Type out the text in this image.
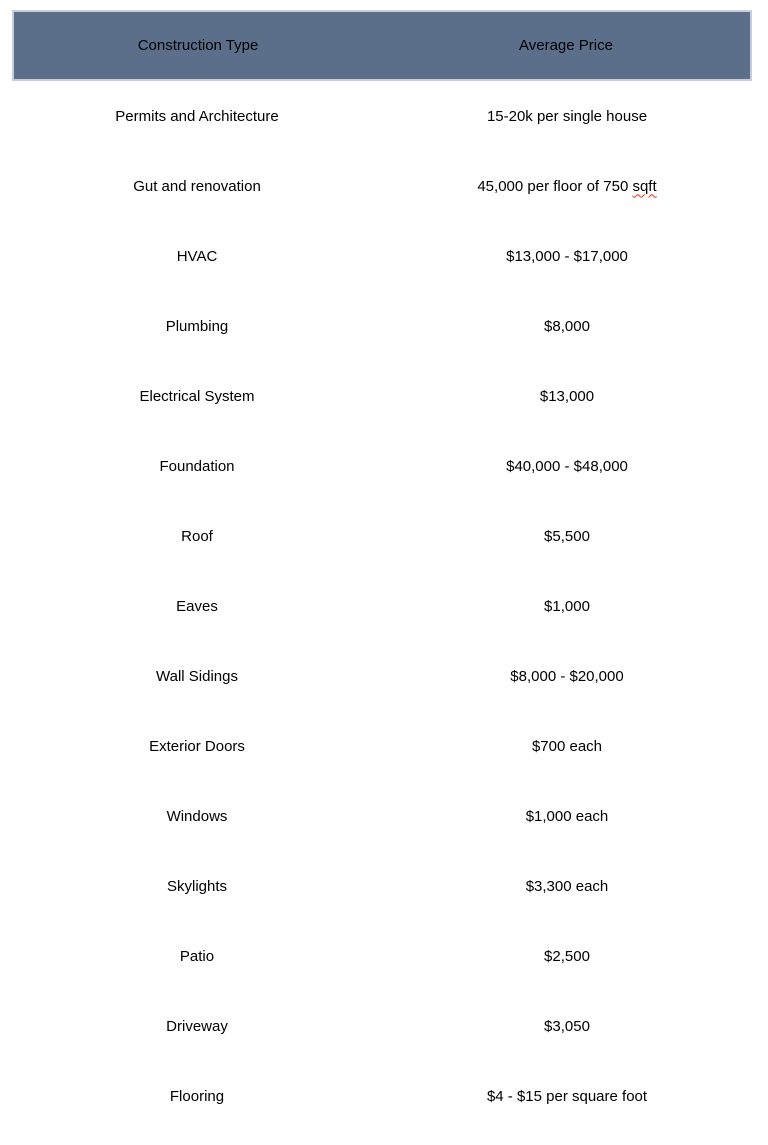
Construction Type	Average Price
Permits and Architecture	15-20k per single house
Gut and renovation	45,000 per floor of 750 sqft
HVAC	$13,000 - $17,000
Plumbing	$8,000
Electrical System	$13,000
Foundation	$40,000 - $48,000
Roof	$5,500
Eaves	$1,000
Wall Sidings	$8,000 - $20,000
Exterior Doors	$700 each
Windows	$1,000 each
Skylights	$3,300 each
Patio	$2,500
Driveway	$3,050
Flooring	$4 - $15 per square foot
